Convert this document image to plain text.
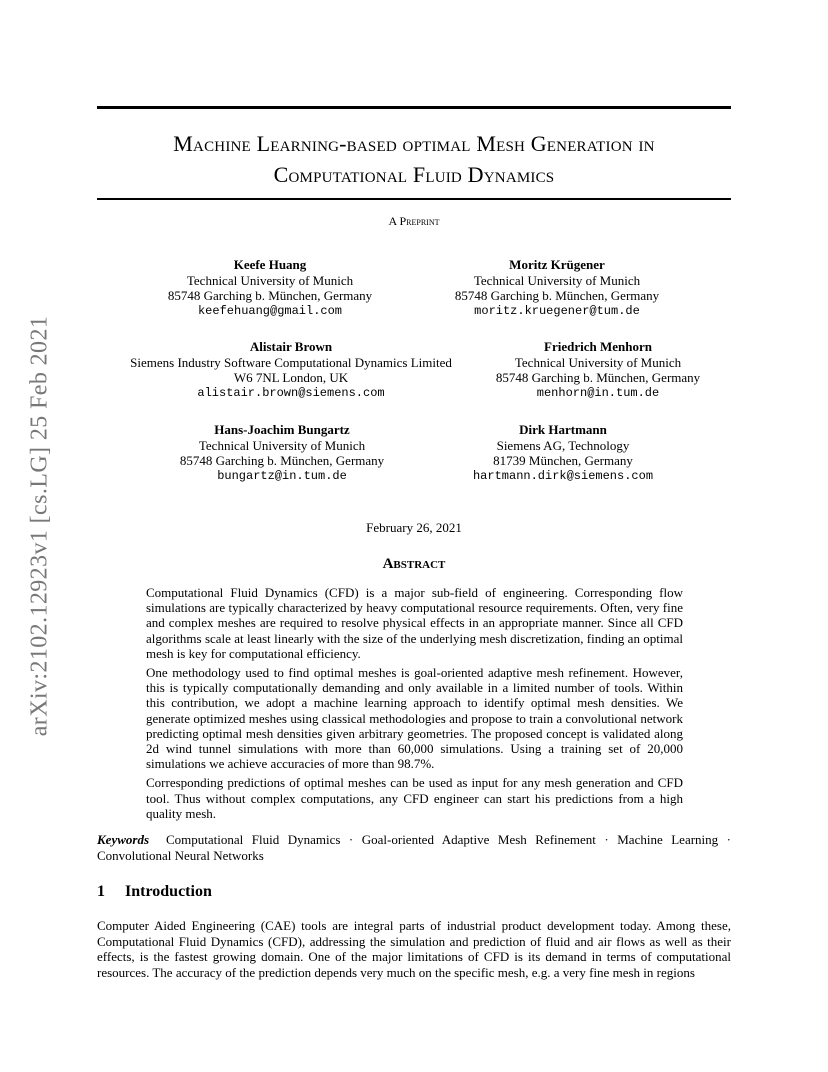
arXiv:2102.12923v1 [cs.LG] 25 Feb 2021
Machine Learning-based optimal Mesh Generation in
Computational Fluid Dynamics
A Preprint
Keefe Huang
Technical University of Munich
85748 Garching b. München, Germany
keefehuang@gmail.com
Moritz Krügener
Technical University of Munich
85748 Garching b. München, Germany
moritz.kruegener@tum.de
Alistair Brown
Siemens Industry Software Computational Dynamics Limited
W6 7NL London, UK
alistair.brown@siemens.com
Friedrich Menhorn
Technical University of Munich
85748 Garching b. München, Germany
menhorn@in.tum.de
Hans-Joachim Bungartz
Technical University of Munich
85748 Garching b. München, Germany
bungartz@in.tum.de
Dirk Hartmann
Siemens AG, Technology
81739 München, Germany
hartmann.dirk@siemens.com
February 26, 2021
Abstract

Computational Fluid Dynamics (CFD) is a major sub-field of engineering. Corresponding flow simulations are typically characterized by heavy computational resource requirements. Often, very fine and complex meshes are required to resolve physical effects in an appropriate manner. Since all CFD algorithms scale at least linearly with the size of the underlying mesh discretization, finding an optimal mesh is key for computational efficiency.

One methodology used to find optimal meshes is goal-oriented adaptive mesh refinement. However, this is typically computationally demanding and only available in a limited number of tools. Within this contribution, we adopt a machine learning approach to identify optimal mesh densities. We generate optimized meshes using classical methodologies and propose to train a convolutional network predicting optimal mesh densities given arbitrary geometries. The proposed concept is validated along 2d wind tunnel simulations with more than 60,000 simulations. Using a training set of 20,000 simulations we achieve accuracies of more than 98.7%.

Corresponding predictions of optimal meshes can be used as input for any mesh generation and CFD tool. Thus without complex computations, any CFD engineer can start his predictions from a high quality mesh.

Keywords Computational Fluid Dynamics · Goal-oriented Adaptive Mesh Refinement · Machine Learning · Convolutional Neural Networks
1 Introduction

Computer Aided Engineering (CAE) tools are integral parts of industrial product development today. Among these, Computational Fluid Dynamics (CFD), addressing the simulation and prediction of fluid and air flows as well as their effects, is the fastest growing domain. One of the major limitations of CFD is its demand in terms of computational resources. The accuracy of the prediction depends very much on the specific mesh, e.g. a very fine mesh in regions
